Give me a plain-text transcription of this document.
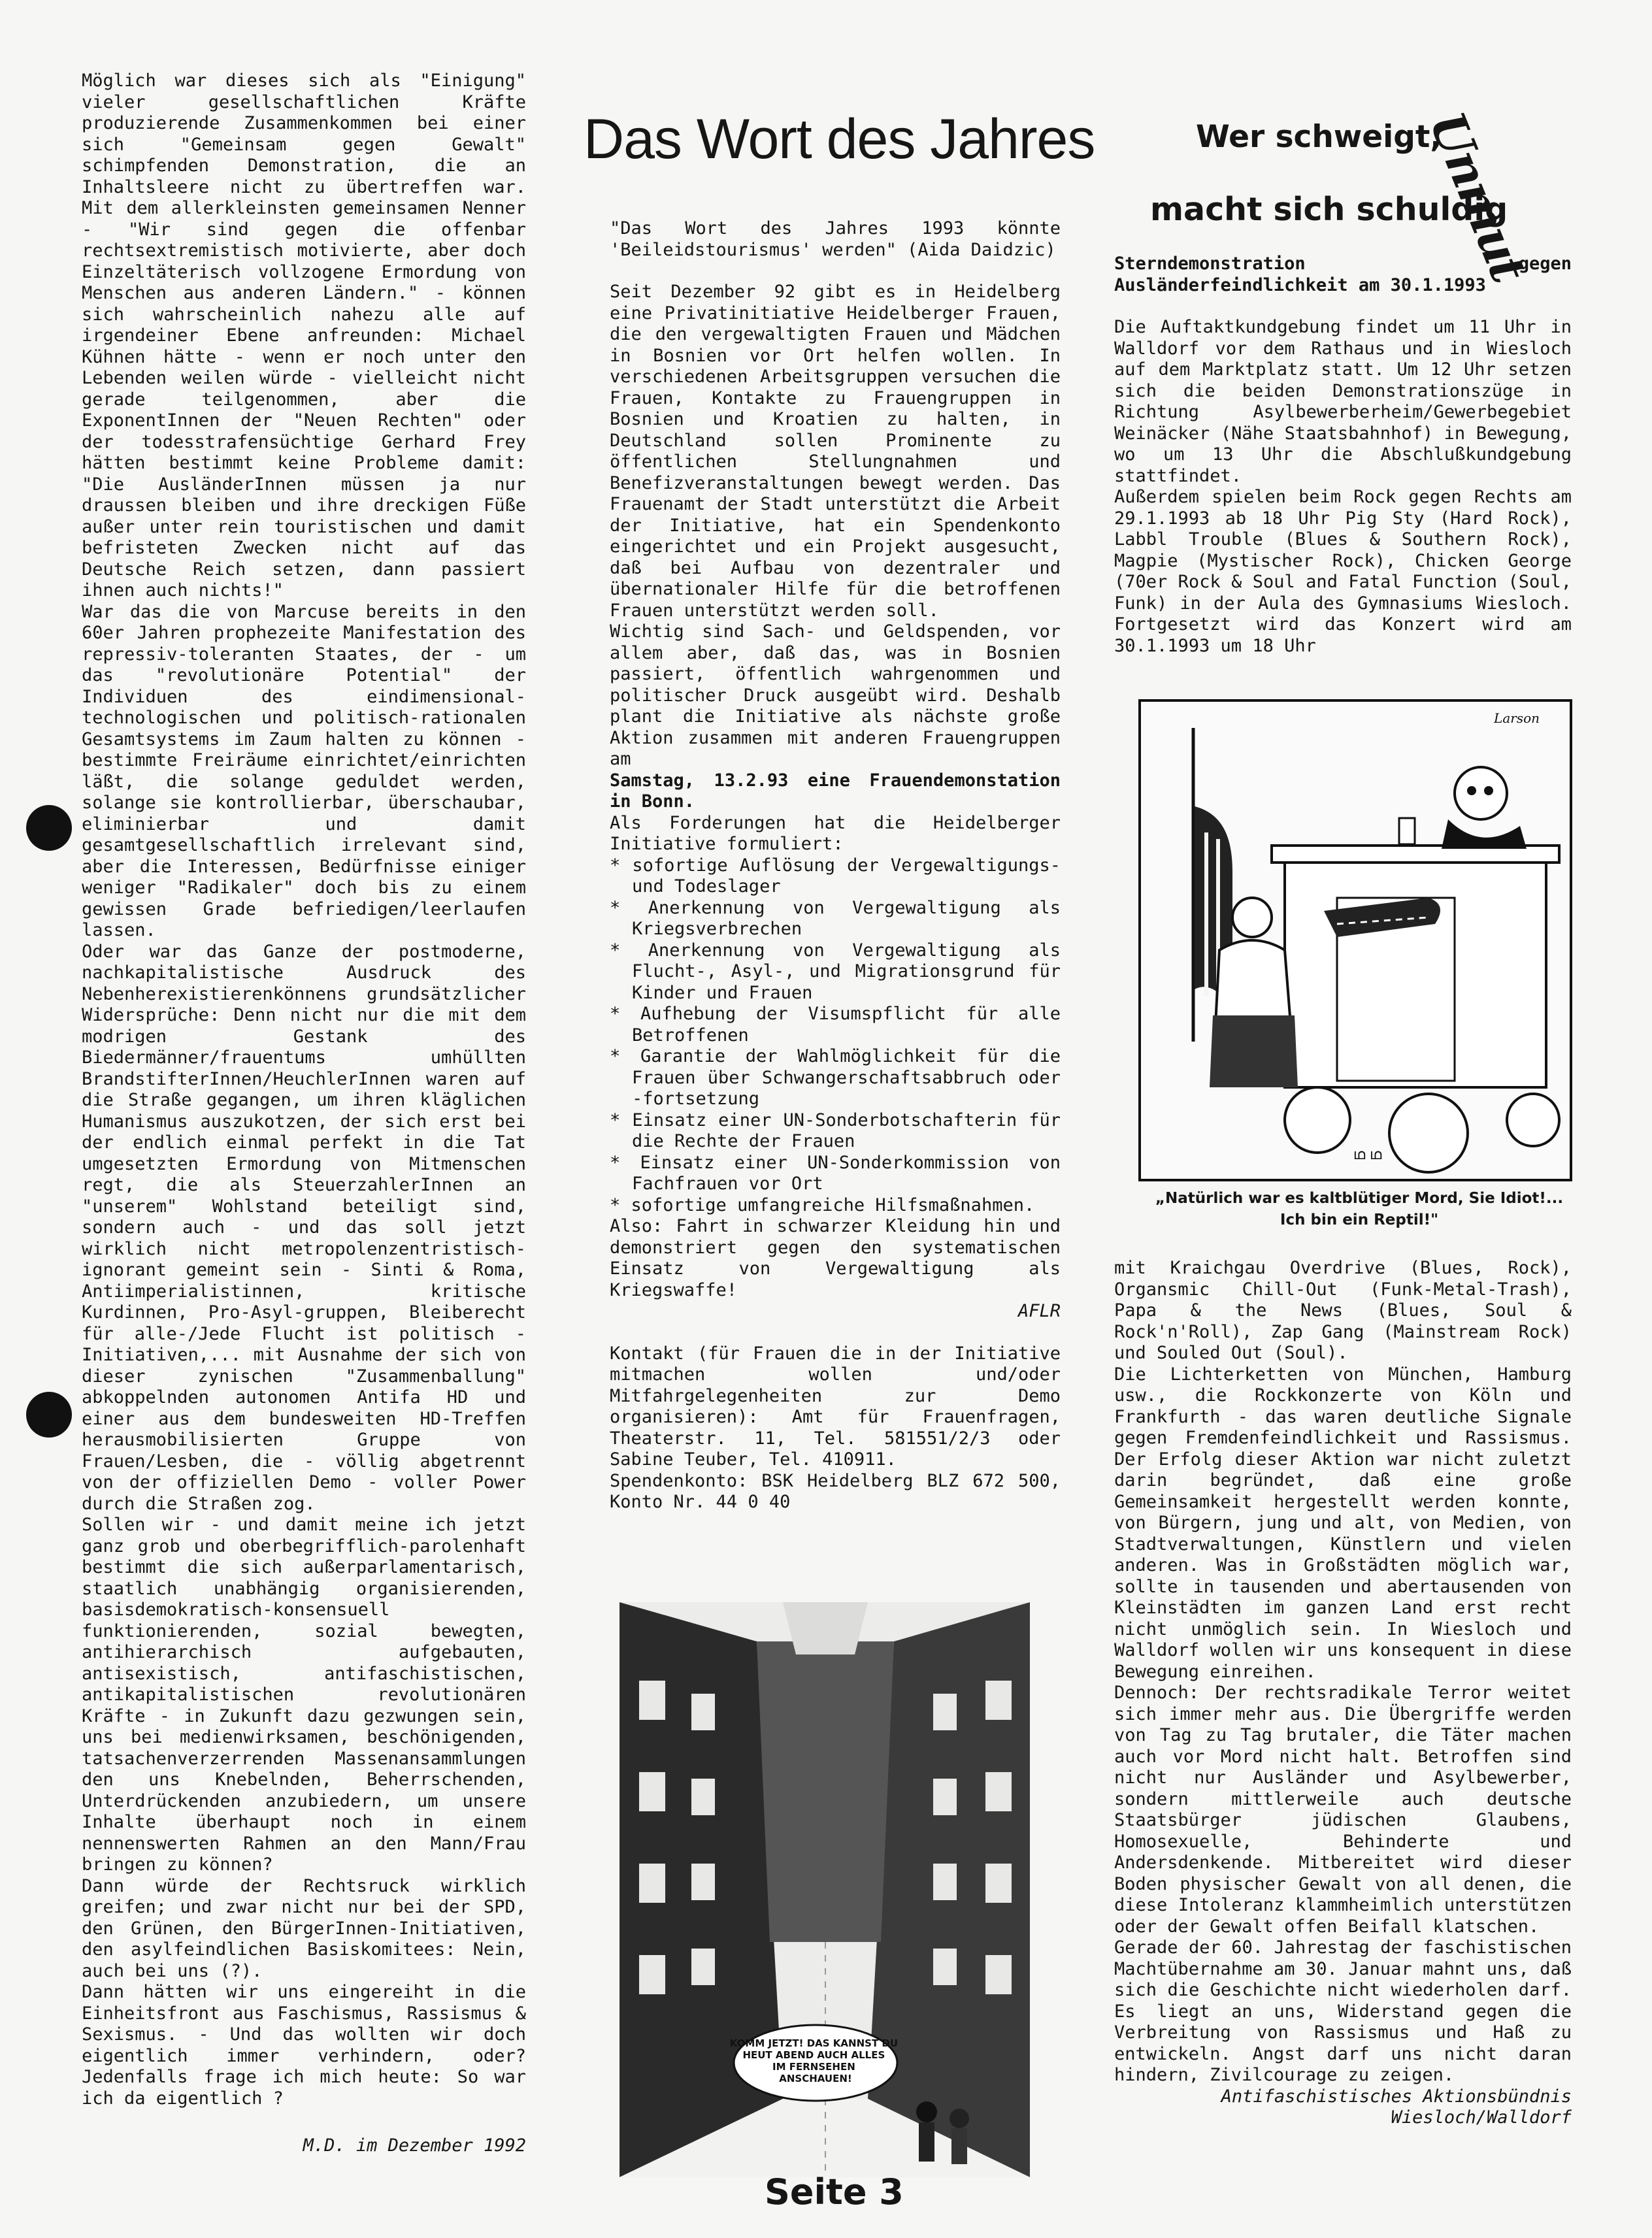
Das Wort des Jahres	Wer schweigt,
macht sich schuldig
Unmut

Möglich war dieses sich als "Einigung" vieler gesellschaftlichen Kräfte produzierende Zusammenkommen bei einer sich "Gemeinsam gegen Gewalt" schimpfenden Demonstration, die an Inhaltsleere nicht zu übertreffen war. Mit dem allerkleinsten gemeinsamen Nenner - "Wir sind gegen die offenbar rechtsextremistisch motivierte, aber doch Einzeltäterisch vollzogene Ermordung von Menschen aus anderen Ländern." - können sich wahrscheinlich nahezu alle auf irgendeiner Ebene anfreunden: Michael Kühnen hätte - wenn er noch unter den Lebenden weilen würde - vielleicht nicht gerade teilgenommen, aber die ExponentInnen der "Neuen Rechten" oder der todesstrafensüchtige Gerhard Frey hätten bestimmt keine Probleme damit: "Die AusländerInnen müssen ja nur draussen bleiben und ihre dreckigen Füße außer unter rein touristischen und damit befristeten Zwecken nicht auf das Deutsche Reich setzen, dann passiert ihnen auch nichts!"

War das die von Marcuse bereits in den 60er Jahren prophezeite Manifestation des repressiv-toleranten Staates, der - um das "revolutionäre Potential" der Individuen des eindimensional-technologischen und politisch-rationalen Gesamtsystems im Zaum halten zu können - bestimmte Freiräume einrichtet/einrichten läßt, die solange geduldet werden, solange sie kontrollierbar, überschaubar, eliminierbar und damit gesamtgesellschaftlich irrelevant sind, aber die Interessen, Bedürfnisse einiger weniger "Radikaler" doch bis zu einem gewissen Grade befriedigen/leerlaufen lassen.

Oder war das Ganze der postmoderne, nachkapitalistische Ausdruck des Nebenherexistierenkönnens grundsätzlicher Widersprüche: Denn nicht nur die mit dem modrigen Gestank des Biedermänner/frauentums umhüllten BrandstifterInnen/HeuchlerInnen waren auf die Straße gegangen, um ihren kläglichen Humanismus auszukotzen, der sich erst bei der endlich einmal perfekt in die Tat umgesetzten Ermordung von Mitmenschen regt, die als SteuerzahlerInnen an "unserem" Wohlstand beteiligt sind, sondern auch - und das soll jetzt wirklich nicht metropolenzentristisch-ignorant gemeint sein - Sinti & Roma, Antiimperialistinnen, kritische Kurdinnen, Pro-Asyl-gruppen, Bleiberecht für alle-/Jede Flucht ist politisch - Initiativen,... mit Ausnahme der sich von dieser zynischen "Zusammenballung" abkoppelnden autonomen Antifa HD und einer aus dem bundesweiten HD-Treffen herausmobilisierten Gruppe von Frauen/Lesben, die - völlig abgetrennt von der offiziellen Demo - voller Power durch die Straßen zog.

Sollen wir - und damit meine ich jetzt ganz grob und oberbegrifflich-parolenhaft bestimmt die sich außerparlamentarisch, staatlich unabhängig organisierenden, basisdemokratisch-konsensuell funktionierenden, sozial bewegten, antihierarchisch aufgebauten, antisexistisch, antifaschistischen, antikapitalistischen revolutionären Kräfte - in Zukunft dazu gezwungen sein, uns bei medienwirksamen, beschönigenden, tatsachenverzerrenden Massenansammlungen den uns Knebelnden, Beherrschenden, Unterdrückenden anzubiedern, um unsere Inhalte überhaupt noch in einem nennenswerten Rahmen an den Mann/Frau bringen zu können?

Dann würde der Rechtsruck wirklich greifen; und zwar nicht nur bei der SPD, den Grünen, den BürgerInnen-Initiativen, den asylfeindlichen Basiskomitees: Nein, auch bei uns (?).

Dann hätten wir uns eingereiht in die Einheitsfront aus Faschismus, Rassismus & Sexismus. - Und das wollten wir doch eigentlich immer verhindern, oder? Jedenfalls frage ich mich heute: So war ich da eigentlich ?

M.D. im Dezember 1992

"Das Wort des Jahres 1993 könnte 'Beileidstourismus' werden" (Aida Daidzic)

Seit Dezember 92 gibt es in Heidelberg eine Privatinitiative Heidelberger Frauen, die den vergewaltigten Frauen und Mädchen in Bosnien vor Ort helfen wollen. In verschiedenen Arbeitsgruppen versuchen die Frauen, Kontakte zu Frauengruppen in Bosnien und Kroatien zu halten, in Deutschland sollen Prominente zu öffentlichen Stellungnahmen und Benefizveranstaltungen bewegt werden. Das Frauenamt der Stadt unterstützt die Arbeit der Initiative, hat ein Spendenkonto eingerichtet und ein Projekt ausgesucht, daß bei Aufbau von dezentraler und übernationaler Hilfe für die betroffenen Frauen unterstützt werden soll.

Wichtig sind Sach- und Geldspenden, vor allem aber, daß das, was in Bosnien passiert, öffentlich wahrgenommen und politischer Druck ausgeübt wird. Deshalb plant die Initiative als nächste große Aktion zusammen mit anderen Frauengruppen am

Samstag, 13.2.93 eine Frauendemonstation in Bonn.

Als Forderungen hat die Heidelberger Initiative formuliert:

* sofortige Auflösung der Vergewaltigungs- und Todeslager

* Anerkennung von Vergewaltigung als Kriegsverbrechen

* Anerkennung von Vergewaltigung als Flucht-, Asyl-, und Migrationsgrund für Kinder und Frauen

* Aufhebung der Visumspflicht für alle Betroffenen

* Garantie der Wahlmöglichkeit für die Frauen über Schwangerschaftsabbruch oder -fortsetzung

* Einsatz einer UN-Sonderbotschafterin für die Rechte der Frauen

* Einsatz einer UN-Sonderkommission von Fachfrauen vor Ort

* sofortige umfangreiche Hilfsmaßnahmen.

Also: Fahrt in schwarzer Kleidung hin und demonstriert gegen den systematischen Einsatz von Vergewaltigung als Kriegswaffe!

AFLR

Kontakt (für Frauen die in der Initiative mitmachen wollen und/oder Mitfahrgelegenheiten zur Demo organisieren): Amt für Frauenfragen, Theaterstr. 11, Tel. 581551/2/3 oder Sabine Teuber, Tel. 410911.

Spendenkonto: BSK Heidelberg BLZ 672 500, Konto Nr. 44 0 40

KOMM JETZT! DAS KANNST DU HEUT ABEND AUCH ALLES IM FERNSEHEN ANSCHAUEN!

Sterndemonstration gegen Ausländerfeindlichkeit am 30.1.1993

Die Auftaktkundgebung findet um 11 Uhr in Walldorf vor dem Rathaus und in Wiesloch auf dem Marktplatz statt. Um 12 Uhr setzen sich die beiden Demonstrationszüge in Richtung Asylbewerberheim/Gewerbegebiet Weinäcker (Nähe Staatsbahnhof) in Bewegung, wo um 13 Uhr die Abschlußkundgebung stattfindet.

Außerdem spielen beim Rock gegen Rechts am 29.1.1993 ab 18 Uhr Pig Sty (Hard Rock), Labbl Trouble (Blues & Southern Rock), Magpie (Mystischer Rock), Chicken George (70er Rock & Soul and Fatal Function (Soul, Funk) in der Aula des Gymnasiums Wiesloch. Fortgesetzt wird das Konzert wird am 30.1.1993 um 18 Uhr

Larson
ഥ ഥ
„Natürlich war es kaltblütiger Mord, Sie Idiot!... Ich bin ein Reptil!"

mit Kraichgau Overdrive (Blues, Rock), Organsmic Chill-Out (Funk-Metal-Trash), Papa & the News (Blues, Soul & Rock'n'Roll), Zap Gang (Mainstream Rock) und Souled Out (Soul).

Die Lichterketten von München, Hamburg usw., die Rockkonzerte von Köln und Frankfurth - das waren deutliche Signale gegen Fremdenfeindlichkeit und Rassismus. Der Erfolg dieser Aktion war nicht zuletzt darin begründet, daß eine große Gemeinsamkeit hergestellt werden konnte, von Bürgern, jung und alt, von Medien, von Stadtverwaltungen, Künstlern und vielen anderen. Was in Großstädten möglich war, sollte in tausenden und abertausenden von Kleinstädten im ganzen Land erst recht nicht unmöglich sein. In Wiesloch und Walldorf wollen wir uns konsequent in diese Bewegung einreihen.

Dennoch: Der rechtsradikale Terror weitet sich immer mehr aus. Die Übergriffe werden von Tag zu Tag brutaler, die Täter machen auch vor Mord nicht halt. Betroffen sind nicht nur Ausländer und Asylbewerber, sondern mittlerweile auch deutsche Staatsbürger jüdischen Glaubens, Homosexuelle, Behinderte und Andersdenkende. Mitbereitet wird dieser Boden physischer Gewalt von all denen, die diese Intoleranz klammheimlich unterstützen oder der Gewalt offen Beifall klatschen.

Gerade der 60. Jahrestag der faschistischen Machtübernahme am 30. Januar mahnt uns, daß sich die Geschichte nicht wiederholen darf. Es liegt an uns, Widerstand gegen die Verbreitung von Rassismus und Haß zu entwickeln. Angst darf uns nicht daran hindern, Zivilcourage zu zeigen.

Antifaschistisches Aktionsbündnis Wiesloch/Walldorf

Seite 3
